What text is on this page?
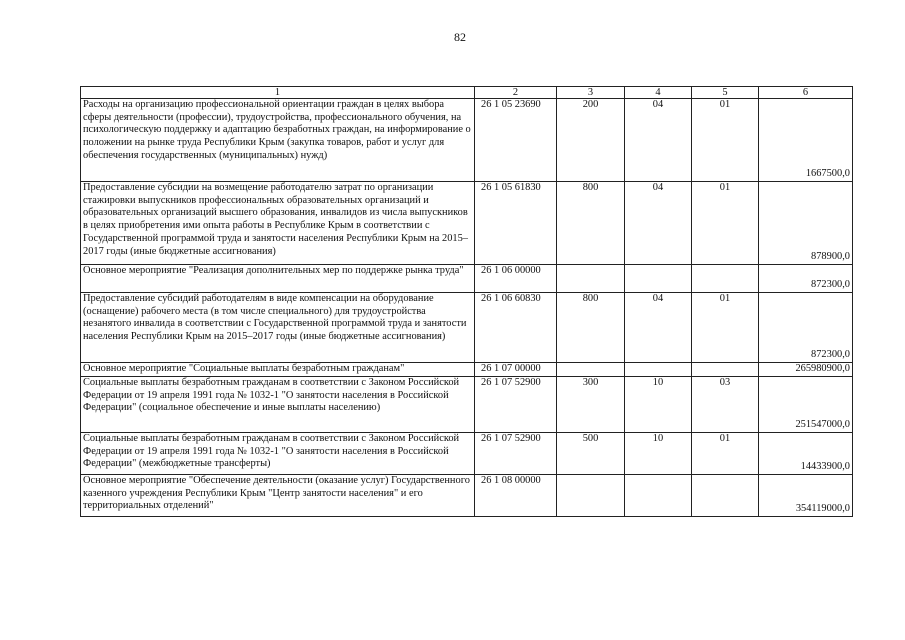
82
1	2	3	4	5	6
Расходы на организацию профессиональной ориентации граждан в целях выбора сферы деятельности (профессии), трудоустройства, профессионального обучения, на психологическую поддержку и адаптацию безработных граждан, на информирование о положении на рынке труда Республики Крым (закупка товаров, работ и услуг для обеспечения государственных (муниципальных) нужд)	26 1 05 23690	200	04	01	1667500,0
Предоставление субсидии на возмещение работодателю затрат по организации стажировки выпускников профессиональных образовательных организаций и образовательных организаций высшего образования, инвалидов из числа выпускников в целях приобретения ими опыта работы в Республике Крым в соответствии с Государственной программой труда и занятости населения Республики Крым на 2015–2017 годы (иные бюджетные ассигнования)	26 1 05 61830	800	04	01	878900,0
Основное мероприятие "Реализация дополнительных мер по поддержке рынка труда"	26 1 06 00000				872300,0
Предоставление субсидий работодателям в виде компенсации на оборудование (оснащение) рабочего места (в том числе специального) для трудоустройства незанятого инвалида в соответствии с Государственной программой труда и занятости населения Республики Крым на 2015–2017 годы (иные бюджетные ассигнования)	26 1 06 60830	800	04	01	872300,0
Основное мероприятие "Социальные выплаты безработным гражданам"	26 1 07 00000				265980900,0
Социальные выплаты безработным гражданам в соответствии с Законом Российской Федерации от 19 апреля 1991 года № 1032-1 "О занятости населения в Российской Федерации" (социальное обеспечение и иные выплаты населению)	26 1 07 52900	300	10	03	251547000,0
Социальные выплаты безработным гражданам в соответствии с Законом Российской Федерации от 19 апреля 1991 года № 1032-1 "О занятости населения в Российской Федерации" (межбюджетные трансферты)	26 1 07 52900	500	10	01	14433900,0
Основное мероприятие "Обеспечение деятельности (оказание услуг) Государственного казенного учреждения Республики Крым "Центр занятости населения" и его территориальных отделений"	26 1 08 00000				354119000,0
